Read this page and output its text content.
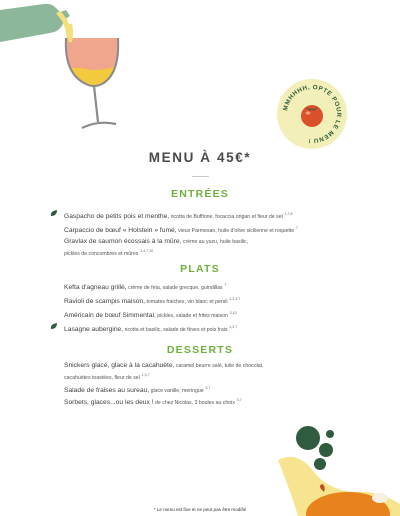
MMHHHH, OPTE POUR LE MENU !
MENU À 45€*
ENTRÉES
Gaspacho de petits pois et menthe, ricotta de Buffione, focaccia origan et fleur de sel $^{1,7,8}$
Carpaccio de bœuf « Holstein » fumé, vieux Parmesan, huile d'olive sicilienne et roquette $^7$
Gravlax de saumon écossais à la mûre, crème au yuzu, huile basilic,
pickles de concombres et mûres $^{1,4,7,10}$
PLATS
Kefta d'agneau grillé, crème de feta, salade grecque, guindillas $^7$
Ravioli de scampis maison, tomates fraiches, vin blanc et persil $^{1,2,3,7}$
Américain de bœuf Simmental, pickles, salade et frites maison $^{3,10}$
Lasagne aubergine, ricotta et basilic, salade de fèves et pois frais $^{1,3,7}$
DESSERTS
Snickers glacé, glace à la cacahuète, caramel beurre salé, tuile de chocolat,
cacahuètes toastées, fleur de sel $^{1,3,7}$
Salade de fraises au sureau, glace vanille, meringue $^{3,7}$
Sorbets, glaces...ou les deux ! de chez Nicolas, 3 boules au choix $^{3,7}$
* Le menu est fixe et ne peut pas être modifié
